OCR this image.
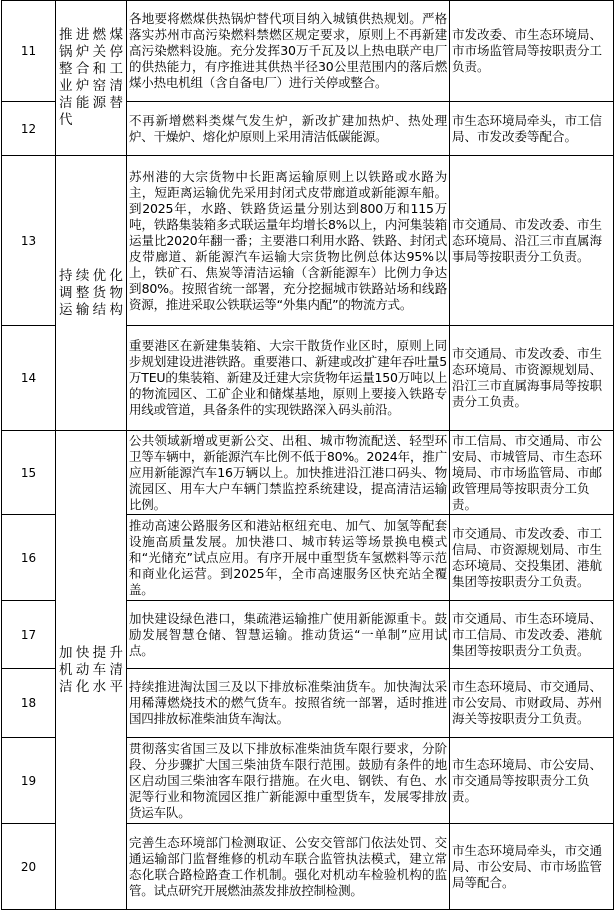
11	推进燃煤锅炉关停整合和工业炉窑清洁能源替代	各地要将燃煤供热锅炉替代项目纳入城镇供热规划。严格落实苏州市高污染燃料禁燃区规定要求，原则上不再新建高污染燃料设施。充分发挥30万千瓦及以上热电联产电厂的供热能力，有序推进其供热半径30公里范围内的落后燃煤小热电机组（含自备电厂）进行关停或整合。	市发改委、市生态环境局、市市场监管局等按职责分工负责。
12		不再新增燃料类煤气发生炉，新改扩建加热炉、热处理炉、干燥炉、熔化炉原则上采用清洁低碳能源。	市生态环境局牵头，市工信局、市发改委等配合。
13	持续优化调整货物运输结构	苏州港的大宗货物中长距离运输原则上以铁路或水路为主，短距离运输优先采用封闭式皮带廊道或新能源车船。到2025年，水路、铁路货运量分别达到800万和115万吨，铁路集装箱多式联运量年均增长8%以上，内河集装箱运量比2020年翻一番；主要港口利用水路、铁路、封闭式皮带廊道、新能源汽车运输大宗货物比例总体达95%以上，铁矿石、焦炭等清洁运输（含新能源车）比例力争达到80%。按照省统一部署，充分挖掘城市铁路站场和线路资源，推进采取公铁联运等“外集内配”的物流方式。	市交通局、市发改委、市生态环境局、沿江三市直属海事局等按职责分工负责。
14		重要港区在新建集装箱、大宗干散货作业区时，原则上同步规划建设进港铁路。重要港口、新建或改扩建年吞吐量5万TEU的集装箱、新建及迁建大宗货物年运量150万吨以上的物流园区、工矿企业和储煤基地，原则上要接入铁路专用线或管道，具备条件的实现铁路深入码头前沿。	市交通局、市发改委、市生态环境局、市资源规划局、沿江三市直属海事局等按职责分工负责。
15	加快提升机动车清洁化水平	公共领域新增或更新公交、出租、城市物流配送、轻型环卫等车辆中，新能源汽车比例不低于80%。2024年，推广应用新能源汽车16万辆以上。加快推进沿江港口码头、物流园区、用车大户车辆门禁监控系统建设，提高清洁运输比例。	市工信局、市交通局、市公安局、市城管局、市生态环境局、市市场监管局、市邮政管理局等按职责分工负责。
16		推动高速公路服务区和港站枢纽充电、加气、加氢等配套设施高质量发展。加快港口、城市转运等场景换电模式和“光储充”试点应用。有序开展中重型货车氢燃料等示范和商业化运营。到2025年，全市高速服务区快充站全覆盖。	市交通局、市发改委、市工信局、市资源规划局、市生态环境局、交投集团、港航集团等按职责分工负责。
17		加快建设绿色港口，集疏港运输推广使用新能源重卡。鼓励发展智慧仓储、智慧运输。推动货运“一单制”应用试点。	市交通局、市生态环境局、市工信局、市发改委、港航集团等按职责分工负责。
18		持续推进淘汰国三及以下排放标准柴油货车。加快淘汰采用稀薄燃烧技术的燃气货车。按照省统一部署，适时推进国四排放标准柴油货车淘汰。	市生态环境局、市交通局、市公安局、市财政局、苏州海关等按职责分工负责。
19		贯彻落实省国三及以下排放标准柴油货车限行要求，分阶段、分步骤扩大国三柴油货车限行范围。鼓励有条件的地区启动国三柴油客车限行措施。在火电、钢铁、有色、水泥等行业和物流园区推广新能源中重型货车，发展零排放货运车队。	市生态环境局、市公安局、市交通局等按职责分工负责。
20		完善生态环境部门检测取证、公安交管部门依法处罚、交通运输部门监督维修的机动车联合监管执法模式，建立常态化联合路检路查工作机制。强化对机动车检验机构的监管。试点研究开展燃油蒸发排放控制检测。	市生态环境局牵头，市交通局、市公安局、市市场监管局等配合。
